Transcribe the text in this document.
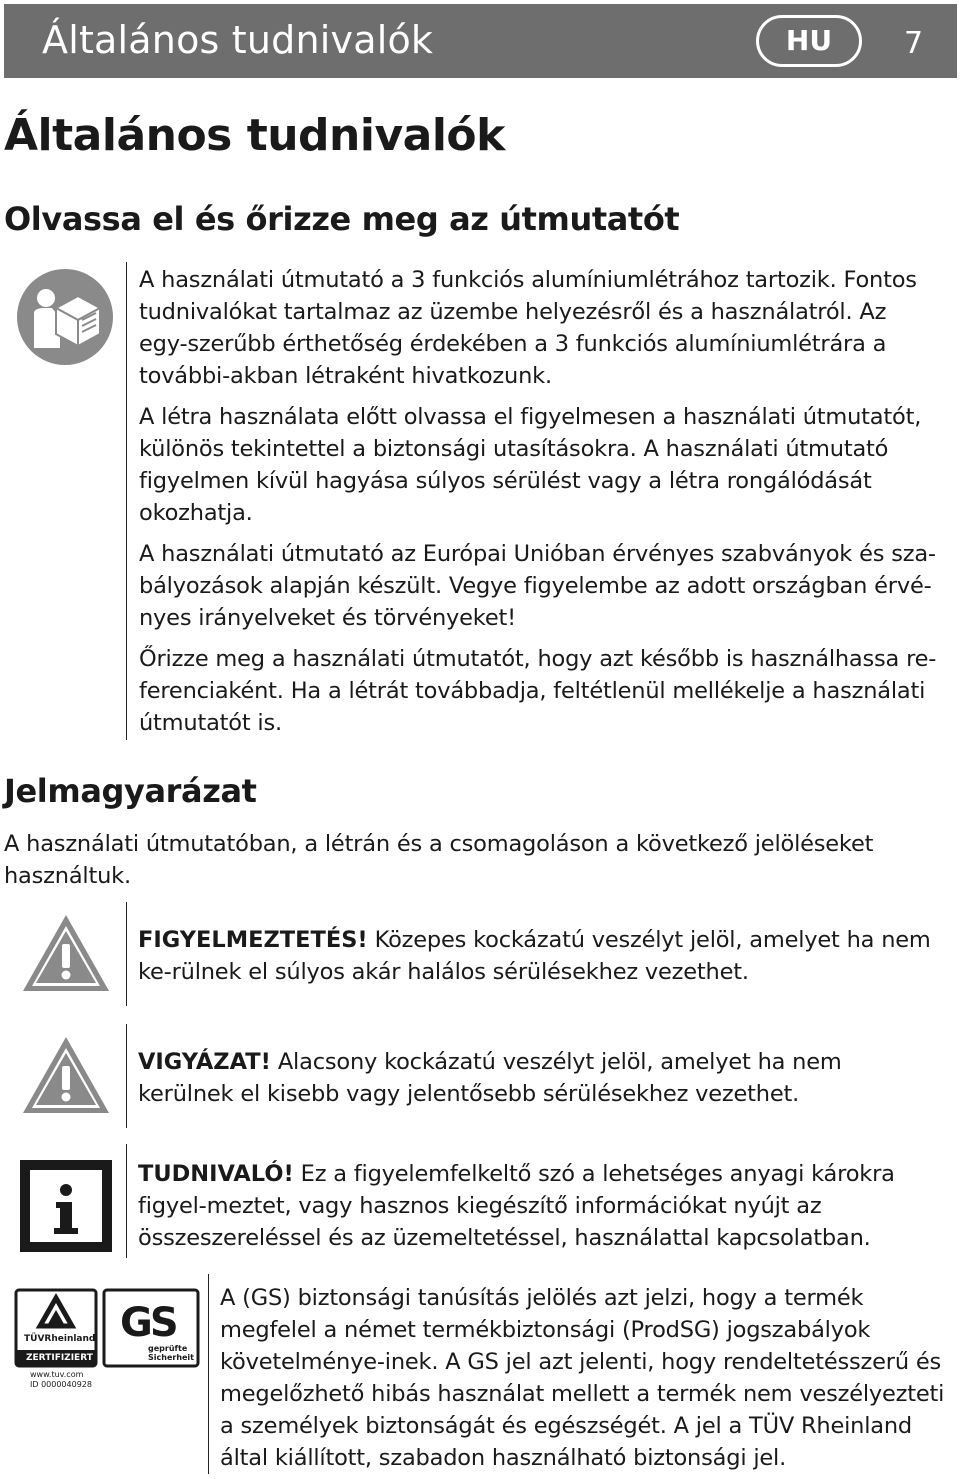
Általános tudnivalók	HU	7
Általános tudnivalók
Olvassa el és őrizze meg az útmutatót

A használati útmutató a 3 funkciós alumíniumlétrához tartozik. Fontos tudnivalókat tartalmaz az üzembe helyezésről és a használatról. Az egy-szerűbb érthetőség érdekében a 3 funkciós alumíniumlétrára a további-akban létraként hivatkozunk.

A létra használata előtt olvassa el figyelmesen a használati útmutatót, különös tekintettel a biztonsági utasításokra. A használati útmutató figyelmen kívül hagyása súlyos sérülést vagy a létra rongálódását okozhatja.

A használati útmutató az Európai Unióban érvényes szabványok és sza-bályozások alapján készült. Vegye figyelembe az adott országban érvé-nyes irányelveket és törvényeket!

Őrizze meg a használati útmutatót, hogy azt később is használhassa re-ferenciaként. Ha a létrát továbbadja, feltétlenül mellékelje a használati útmutatót is.

Jelmagyarázat

A használati útmutatóban, a létrán és a csomagoláson a következő jelöléseket használtuk.

FIGYELMEZTETÉS! Közepes kockázatú veszélyt jelöl, amelyet ha nem ke-rülnek el súlyos akár halálos sérülésekhez vezethet.

VIGYÁZAT! Alacsony kockázatú veszélyt jelöl, amelyet ha nem kerülnek el kisebb vagy jelentősebb sérülésekhez vezethet.

TUDNIVALÓ! Ez a figyelemfelkeltő szó a lehetséges anyagi károkra figyel-meztet, vagy hasznos kiegészítő információkat nyújt az összeszereléssel és az üzemeltetéssel, használattal kapcsolatban.

TÜVRheinland
ZERTIFIZIERT
GS
geprüfte
Sicherheit
www.tuv.com
ID 0000040928

A (GS) biztonsági tanúsítás jelölés azt jelzi, hogy a termék megfelel a német termékbiztonsági (ProdSG) jogszabályok követelménye-inek. A GS jel azt jelenti, hogy rendeltetésszerű és megelőzhető hibás használat mellett a termék nem veszélyezteti a személyek biztonságát és egészségét. A jel a TÜV Rheinland által kiállított, szabadon használható biztonsági jel.
